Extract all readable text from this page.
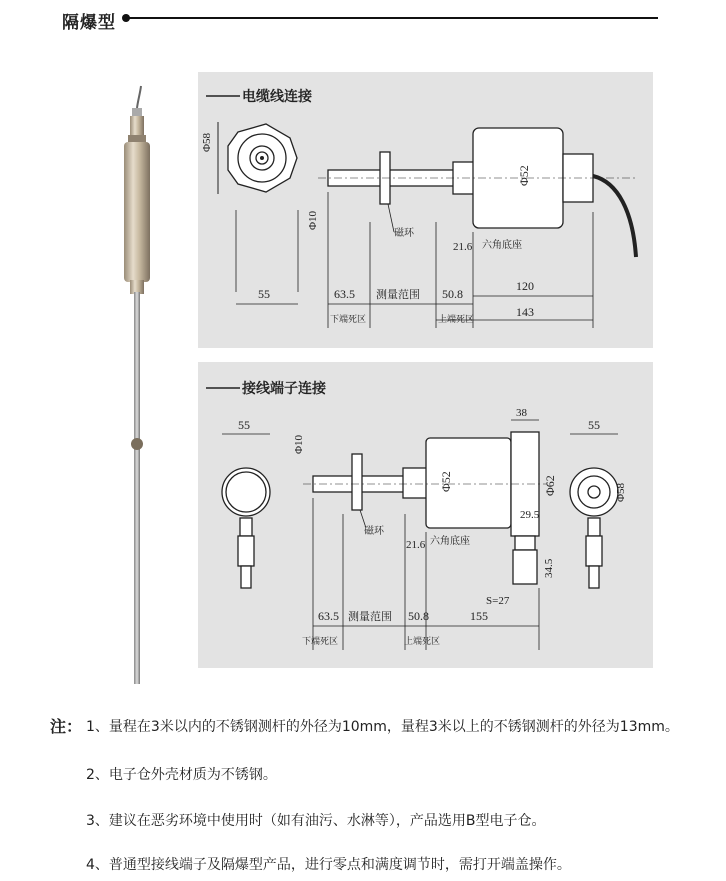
隔爆型
电缆线连接
Φ58
55
Φ10
Φ52
磁环
六角底座
21.6
63.5 测量范围 50.8
120
143
下端死区	上端死区
接线端子连接
55
Φ10
Φ52	Φ62
38
29.5
34.5
S=27
磁环
六角底座
21.6
55
Φ58
63.5 测量范围 50.8	155
下端死区	上端死区
注： 1、量程在3米以内的不锈钢测杆的外径为10mm，量程3米以上的不锈钢测杆的外径为13mm。
2、电子仓外壳材质为不锈钢。
3、建议在恶劣环境中使用时（如有油污、水淋等），产品选用B型电子仓。
4、普通型接线端子及隔爆型产品，进行零点和满度调节时，需打开端盖操作。
